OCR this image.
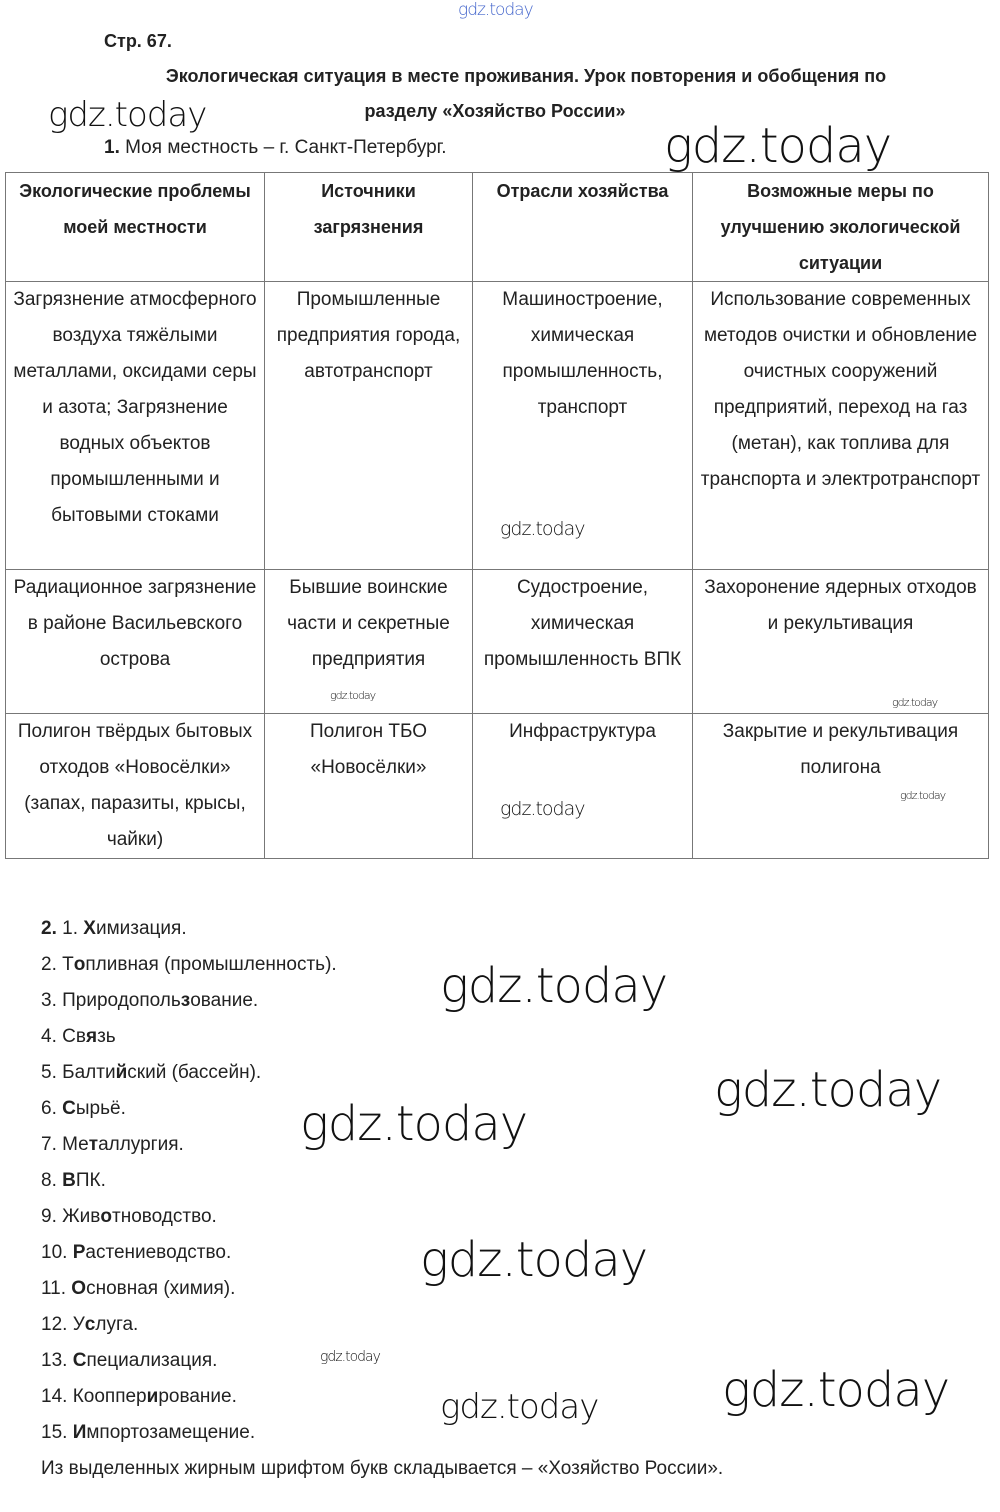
gdz.today
Стр. 67.
Экологическая ситуация в месте проживания. Урок повторения и обобщения по
разделу «Хозяйство России»
1. Моя местность – г. Санкт-Петербург.
Экологические проблемы моей местности	Источники загрязнения	Отрасли хозяйства	Возможные меры по улучшению экологической ситуации
Загрязнение атмосферного воздуха тяжёлыми металлами, оксидами серы и азота; Загрязнение водных объектов промышленными и бытовыми стоками	Промышленные предприятия города, автотранспорт	Машиностроение, химическая промышленность, транспорт	Использование современных методов очистки и обновление очистных сооружений предприятий, переход на газ (метан), как топлива для транспорта и электротранспорт
Радиационное загрязнение в районе Васильевского острова	Бывшие воинские части и секретные предприятия	Судостроение, химическая промышленность ВПК	Захоронение ядерных отходов и рекультивация
Полигон твёрдых бытовых отходов «Новосёлки» (запах, паразиты, крысы, чайки)	Полигон ТБО «Новосёлки»	Инфраструктура	Закрытие и рекультивация полигона
2. 1. Химизация.
2. Топливная (промышленность).
3. Природопользование.
4. Связь
5. Балтийский (бассейн).
6. Сырьё.
7. Металлургия.
8. ВПК.
9. Животноводство.
10. Растениеводство.
11. Основная (химия).
12. Услуга.
13. Специализация.
14. Коопперирование.
15. Импортозамещение.
Из выделенных жирным шрифтом букв складывается – «Хозяйство России».
gdz.today
gdz.today
gdz.today
gdz.today
gdz.today
gdz.today
gdz.today
gdz.today
gdz.today
gdz.today
gdz.today
gdz.today
gdz.today	gdz.today
